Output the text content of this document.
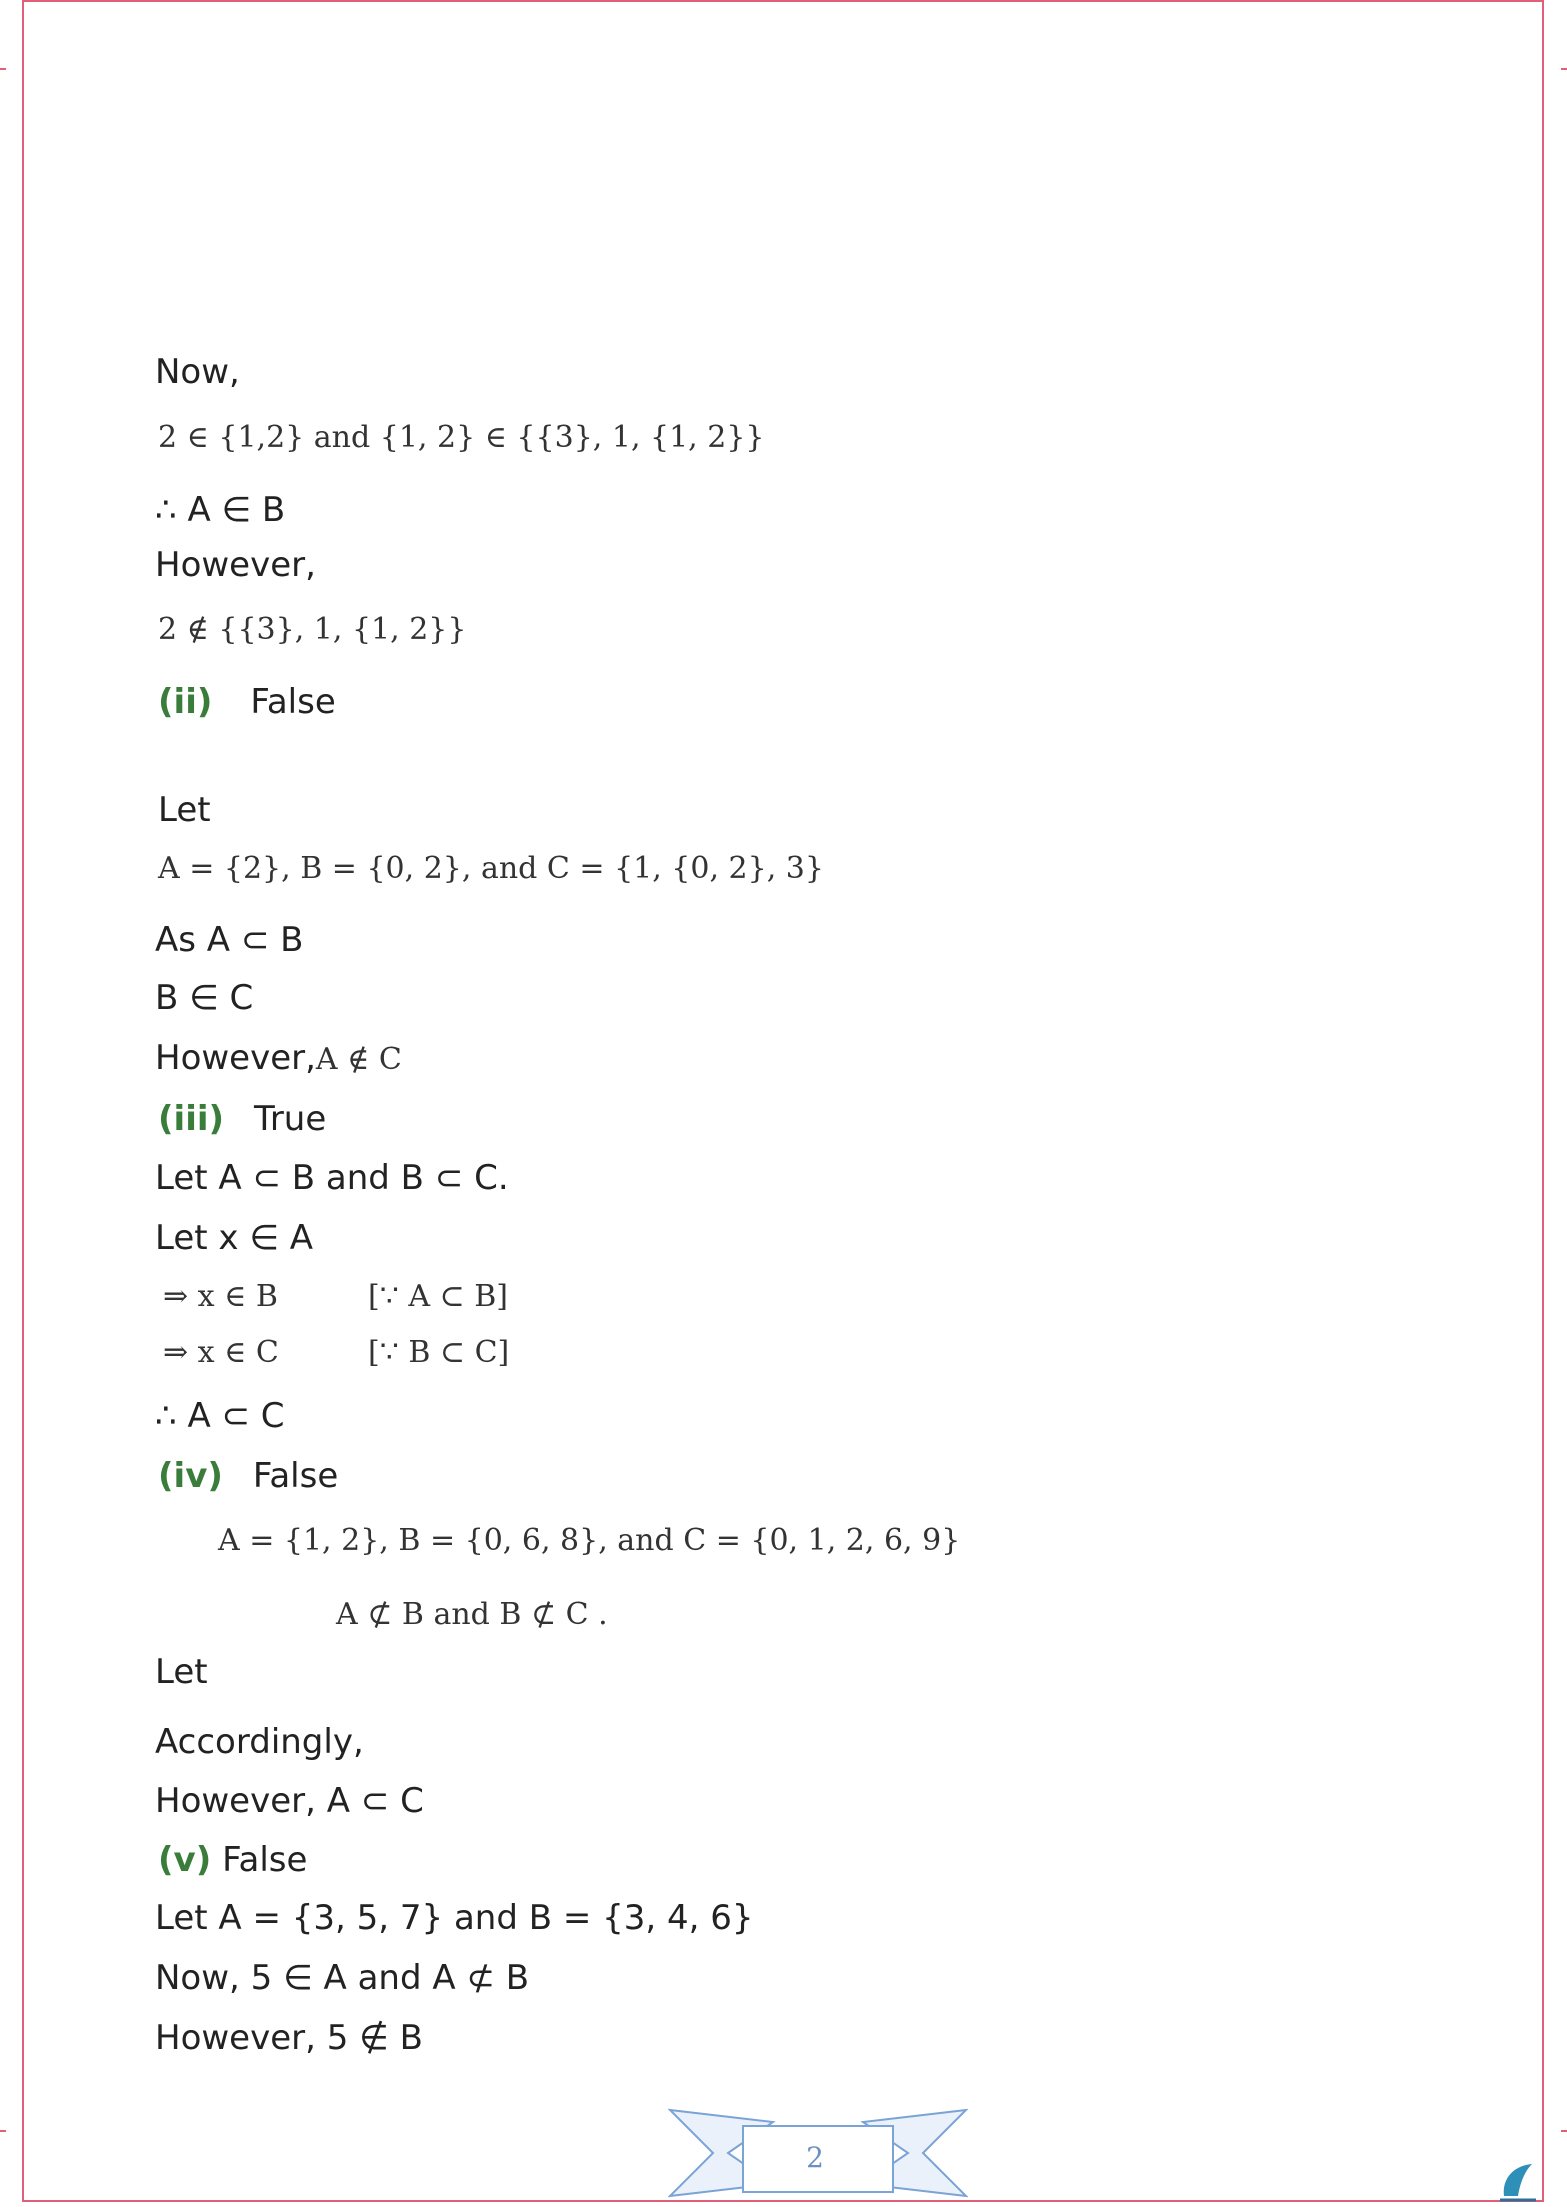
Now,
2 ∈ {1,2} and {1, 2} ∈ {{3}, 1, {1, 2}}
∴ A ∈ B
However,
2 ∉ {{3}, 1, {1, 2}}
(ii) False
Let
A = {2}, B = {0, 2}, and C = {1, {0, 2}, 3}
As A ⊂ B
B ∈ C
However,A ∉ C
(iii) True
Let A ⊂ B and B ⊂ C.
Let x ∈ A
⇒ x ∈ B	[∵ A ⊂ B]
⇒ x ∈ C	[∵ B ⊂ C]
∴ A ⊂ C
(iv) False
A = {1, 2}, B = {0, 6, 8}, and C = {0, 1, 2, 6, 9}
A ⊄ B and B ⊄ C .
Let
Accordingly,
However, A ⊂ C
(v) False
Let A = {3, 5, 7} and B = {3, 4, 6}
Now, 5 ∈ A and A ⊄ B
However, 5 ∉ B
2
